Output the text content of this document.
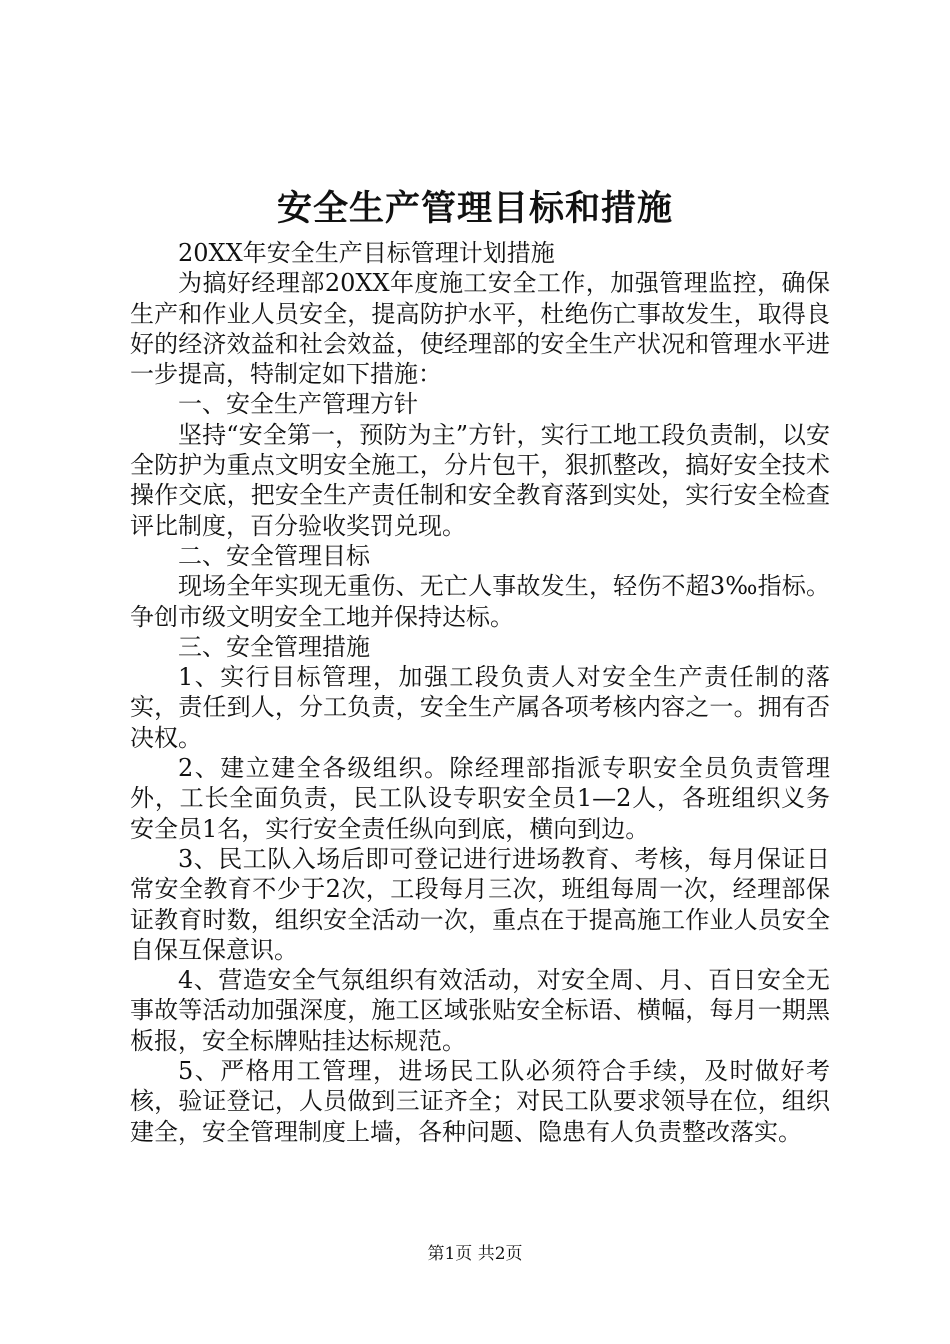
安全生产管理目标和措施

20XX年安全生产目标管理计划措施

为搞好经理部20XX年度施工安全工作，加强管理监控，确保生产和作业人员安全，提高防护水平，杜绝伤亡事故发生，取得良好的经济效益和社会效益，使经理部的安全生产状况和管理水平进一步提高，特制定如下措施：

一、安全生产管理方针

坚持“安全第一，预防为主”方针，实行工地工段负责制，以安全防护为重点文明安全施工，分片包干，狠抓整改，搞好安全技术操作交底，把安全生产责任制和安全教育落到实处，实行安全检查评比制度，百分验收奖罚兑现。

二、安全管理目标

现场全年实现无重伤、无亡人事故发生，轻伤不超3‰指标。争创市级文明安全工地并保持达标。

三、安全管理措施

1、实行目标管理，加强工段负责人对安全生产责任制的落实，责任到人，分工负责，安全生产属各项考核内容之一。拥有否决权。

2、建立建全各级组织。除经理部指派专职安全员负责管理外，工长全面负责，民工队设专职安全员1—2人，各班组织义务安全员1名，实行安全责任纵向到底，横向到边。

3、民工队入场后即可登记进行进场教育、考核，每月保证日常安全教育不少于2次，工段每月三次，班组每周一次，经理部保证教育时数，组织安全活动一次，重点在于提高施工作业人员安全自保互保意识。

4、营造安全气氛组织有效活动，对安全周、月、百日安全无事故等活动加强深度，施工区域张贴安全标语、横幅，每月一期黑板报，安全标牌贴挂达标规范。

5、严格用工管理，进场民工队必须符合手续，及时做好考核，验证登记，人员做到三证齐全；对民工队要求领导在位，组织建全，安全管理制度上墙，各种问题、隐患有人负责整改落实。

第1页 共2页
